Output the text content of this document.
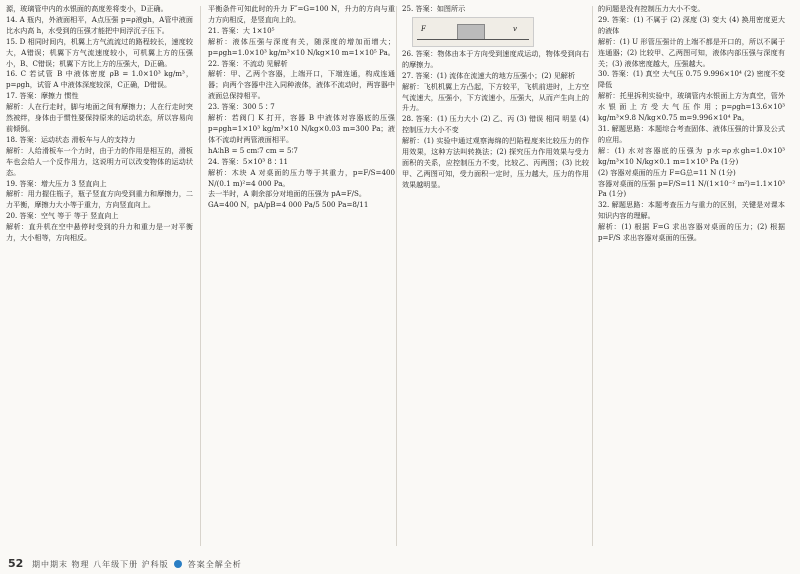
源，玻璃管中内的水银面的高度差将变小，D正确。

14. A 瓶内，外液面相平，A点压强 p=ρ液gh，A管中液面比水内高 h，水受到的压强才能把中间浮沉子压下。

15. D 相同时间内，机翼上方气流流过的路程较长，速度较大，A错误；机翼下方气流速度较小，可机翼上方的压强小，B、C错误；机翼下方比上方的压强大，D正确。

16. C 若试管 B 中液体密度 ρB = 1.0×10³ kg/m³，p=ρgh，试管 A 中液体深度较深，C正确，D错误。

17. 答案：摩擦力 惯性

解析：人在行走时，脚与地面之间有摩擦力；人在行走时突然被绊，身体由于惯性要保持原来的运动状态，所以容易向前倾倒。

18. 答案：运动状态 滑板车与人的支持力

解析：人给滑板车一个力时，由于力的作用是相互的，滑板车也会给人一个反作用力，这说明力可以改变物体的运动状态。

19. 答案：增大压力 3 竖直向上

解析：用力握住瓶子，瓶子竖直方向受到重力和摩擦力，二力平衡，摩擦力大小等于重力，方向竖直向上。

20. 答案：空气 等于 等于 竖直向上

解析：直升机在空中悬停时受到的升力和重力是一对平衡力，大小相等，方向相反。

平衡条件可知此时的升力 F″=G=100 N，升力的方向与重力方向相反，是竖直向上的。

21. 答案：大 1×10⁵

解析：液体压强与深度有关，随深度的增加而增大；p=ρgh=1.0×10³ kg/m³×10 N/kg×10 m=1×10⁵ Pa。

22. 答案：不流动 见解析

解析：甲、乙两个容器，上端开口，下端连通，构成连通器；向两个容器中注入同种液体，液体不流动时，两容器中液面总保持相平。

23. 答案：300 5∶7

解析：若阀门 K 打开，容器 B 中液体对容器底的压强 p=ρgh=1×10³ kg/m³×10 N/kg×0.03 m=300 Pa；液体不流动时两管液面相平。

hA∶hB = 5 cm∶7 cm = 5∶7

24. 答案：5×10³ 8∶11

解析：木块 A 对桌面的压力等于其重力，p=F/S=400 N/(0.1 m)²=4 000 Pa。

去一半时，A 剩余部分对地面的压强为 pA=F/S。

GA=400 N，pA/pB=4 000 Pa/5 500 Pa=8/11

25. 答案：如图所示

F	v

26. 答案：物体由本于方向受到速度成运动，物体受到向右的摩擦力。

27. 答案：(1) 流体在流速大的地方压强小；(2) 见解析

解析：飞机机翼上方凸起，下方较平，飞机前进时，上方空气流速大，压强小，下方流速小，压强大，从而产生向上的升力。

28. 答案：(1) 压力大小 (2) 乙、丙 (3) 错误 相同 明显 (4) 控制压力大小不变

解析：(1) 实验中通过观察海绵的凹陷程度来比较压力的作用效果，这种方法叫转换法；(2) 探究压力作用效果与受力面积的关系，应控制压力不变，比较乙、丙两图；(3) 比较甲、乙两图可知，受力面积一定时，压力越大，压力的作用效果越明显。

的问题是没有控制压力大小不变。

29. 答案：(1) 不属于 (2) 深度 (3) 变大 (4) 换用密度更大的液体

解析：(1) U 形管压强计的上端不都是开口的，所以不属于连通器；(2) 比较甲、乙两图可知，液体内部压强与深度有关；(3) 液体密度越大，压强越大。

30. 答案：(1) 真空 大气压 0.75 9.996×10⁴ (2) 密度不变 降低

解析：托里拆利实验中，玻璃管内水银面上方为真空，管外水银面上方受大气压作用；p=ρgh=13.6×10³ kg/m³×9.8 N/kg×0.75 m=9.996×10⁴ Pa。

31. 解题思路：本题综合考查固体、液体压强的计算及公式的应用。

解：(1) 水对容器底的压强为 p水=ρ水gh=1.0×10³ kg/m³×10 N/kg×0.1 m=1×10³ Pa (1分)

(2) 容器对桌面的压力 F=G总=11 N (1分)

容器对桌面的压强 p=F/S=11 N/(1×10⁻² m²)=1.1×10³ Pa (1分)

32. 解题思路：本题考查压力与重力的区别，关键是对课本知识内容的理解。

解析：(1) 根据 F=G 求出容器对桌面的压力；(2) 根据 p=F/S 求出容器对桌面的压强。

52 期中期末 物理 八年级下册 沪科版 答案全解全析
